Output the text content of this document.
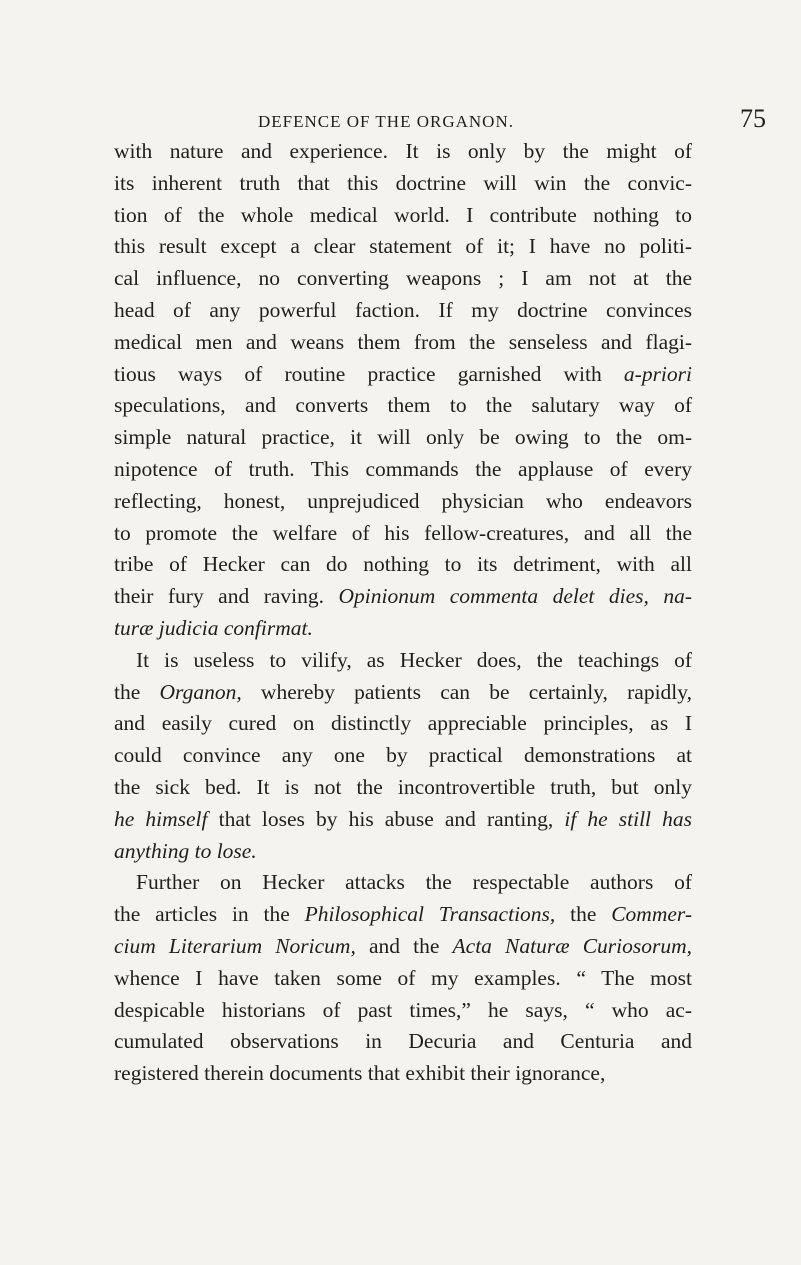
DEFENCE OF THE ORGANON.	75
with nature and experience. It is only by the might of
its inherent truth that this doctrine will win the convic-
tion of the whole medical world. I contribute nothing to
this result except a clear statement of it; I have no politi-
cal influence, no converting weapons ; I am not at the
head of any powerful faction. If my doctrine convinces
medical men and weans them from the senseless and flagi-
tious ways of routine practice garnished with a-priori
speculations, and converts them to the salutary way of
simple natural practice, it will only be owing to the om-
nipotence of truth. This commands the applause of every
reflecting, honest, unprejudiced physician who endeavors
to promote the welfare of his fellow-creatures, and all the
tribe of Hecker can do nothing to its detriment, with all
their fury and raving. Opinionum commenta delet dies, na-
turæ judicia confirmat.
It is useless to vilify, as Hecker does, the teachings of
the Organon, whereby patients can be certainly, rapidly,
and easily cured on distinctly appreciable principles, as I
could convince any one by practical demonstrations at
the sick bed. It is not the incontrovertible truth, but only
he himself that loses by his abuse and ranting, if he still has
anything to lose.
Further on Hecker attacks the respectable authors of
the articles in the Philosophical Transactions, the Commer-
cium Literarium Noricum, and the Acta Naturæ Curiosorum,
whence I have taken some of my examples. “ The most
despicable historians of past times,” he says, “ who ac-
cumulated observations in Decuria and Centuria and
registered therein documents that exhibit their ignorance,
